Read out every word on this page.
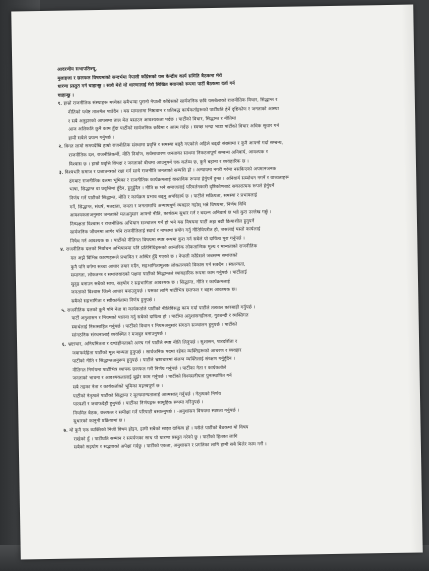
आदरणीय सभापतिज्यू,
मुलाहजा र छलफल विषयमाको सन्दर्भमा नेपाली काँग्रेसको यस केन्द्रीय कार्य समिति बैठकमा मेरो
धारणा प्रस्तुत गर्न चाहान्छु । साथै मेरो यो धारणालाई मेरो लिखित बयानको रूपमा पार्टी बैठकमा दर्ता गर्न
चाहान्छु ।
१. हाम्रो राजनीतिक संस्थाहरू मध्येका सबैभन्दा पुरानो नेपाली काँग्रेसको सार्वजनिक छवि यसबेलाको राजनीतिक विचार, सिद्धान्त र
नीतिको यथेष्ट तालमेल पाउँदैन । यस मामलामा निष्ठावान र प्रतिबद्ध कार्यकर्ताहरूको पार्टीप्रति हेर्ने दृष्टिकोण र जनताको आस्था
र सबै अनुहारको आपसमा ताल मेल बसाउन आवश्यकता पर्दछ । पार्टीको विचार, सिद्धान्त र नीतिमा
आज अलिकति कुनै काम हुँदा पार्टीको सार्वजनिक छविमा र आत्म गर्दछ । स्वच्छ भन्दा भाडा पार्टीको विचार अधिक सुधार गर्न
हामी सबैले प्रयत्न गर्नुपर्छ ।
२. विगत लामो समयदेखि हाम्रो राजनीतिक संस्थामा प्रवृत्ति र समस्या बढ्दै गएकोले अहिले बढ्दो संख्यामा र कुनै आफ्नो गर्दा सम्बन्ध,
राजनीतिक दल, राजनीतिकर्मी, नीति निर्माण, सर्वसाधारण जनताका साथमा निकटतापूर्ण सम्बन्ध अनिवार्य, आवश्यक र
विश्वास छ । हाम्रो प्रवृत्ति विपदा र जनताको बीचमा आउनुपर्ने एक कर्तव्य छ, कुनै बहाना र व्यवहारिक छ ।
३. विश्वभरि समाज र प्रजातन्त्रको रक्षा गर्न साथै राजनीति जनताको सम्पत्ति हो । अन्यायमा नगरी गरेमा नसकिएको अपमानजनक
ढंगबाट राजनीतिक दलमा भूमिका र राजनीतिक कार्यक्रमलाई वास्तविक रूपमा हेर्नुपर्ने हुन्छ । अनिवार्य सम्बोधन नगर्ने र वाध्यताहरू
भाषा, सिद्धान्त वा प्रवृत्तिमा हुँदैन, हुनुहुँदैन । नीति छ भने समाजलाई परिवर्तनकारी दृष्टिकोणबाट सकारात्मक रूपले हेर्नुपर्ने
निर्णय गर्ने पाटीको सिद्धान्त, नीति र कार्यक्रम प्रभाव बढ्नु अपरिहार्य छ । पार्टीले सक्रियता, समस्या र प्रभावलाई
गर्ने, सिद्धान्त, संघर्ष, मतदाता, जनता र जनतामाथि अन्यायपूर्ण व्यवहार नहोस् भन्ने विषयमा, निर्णय विधि
आवश्यकताअनुसार जनताको मतअनुसार आफ्नो नीति, कार्यक्रम सुधार गर्न र बदल्न अनिवार्य छ भन्ने कुरा उल्लेख गर्छु ।
निष्पक्षता विश्वास र राजनीतिक अभियान सञ्चालन गर्ने हो भने यस विषयमा पार्टी अझ बढी क्रियाशील हुनुपर्ने
सार्वजनिक जीवनमा लागेर पनि राजनीतिलाई स्वार्थ र नाफामा प्रयोग गर्नु नीतिविपरीत हो, जसलाई यस्तो कार्यलाई
निषेध गर्न आवश्यक छ । पार्टीको नीतिगत विषयमा स्पष्ट रूपमा कुरा गर्न सबैले यो दायित्व पूरा गर्नुपर्छ ।
४. राजनीतिक दलको निर्वाचन अभियानमा पनि प्रतिनिधिहरूको आन्तरिक लोकतान्त्रिक मूल्य र मान्यताको राजनीतिक
दल अझै विभिन्न कारणहरूले प्रभावित र अस्थिर हुँदै गएको छ । नेपाली काँग्रेसले जबसम्म समाजको
कुनै पनि वर्गमा सच्चा आधार तयार गर्दैन, सहभागितामूलक लोकतन्त्रको विकास गर्न सक्दैन । स्वतन्त्रता,
समानता, लोकतन्त्र र समाजवादको पक्षमा पार्टीको सिद्धान्तले व्यावहारिक रूपमा काम गर्नुपर्छ । पार्टीलाई
सुदृढ बनाउन सबैको साथ, सहयोग र सहभागिता आवश्यक छ । सिद्धान्त, नीति र कार्यक्रमलाई
जनताको विश्वास जित्ने आधार बनाउनुपर्छ । यसका लागि पार्टीभित्र छलफल र बहस आवश्यक छ।
सबैको सहभागिता र स्वीकार्यतामा निर्णय हुनुपर्छ ।
५. राजनीतिक दलको कुनै पनि नेता वा कार्यकर्ताले पार्टीको नीतिविरुद्ध काम गर्दा पार्टीले तत्काल कारबाही गर्नुपर्छ ।
पार्टी अनुशासन र नियमको पालना गर्नु सबैको दायित्व हो । पार्टीमा अनुशासनहीनता, गुटबन्दी र व्यक्तिगत
स्वार्थलाई निरुत्साहित गर्नुपर्छ । पार्टीको विधान र नियमअनुसार संगठन सञ्चालन हुनुपर्छ । पार्टीको
सांगठनिक संरचनालाई व्यवस्थित र मजबुत बनाउनुपर्छ ।
६. भ्रष्टाचार, अनियमितता र दण्डहीनताको अन्त्य गर्न पार्टीले स्पष्ट नीति लिनुपर्छ । सुशासन, पारदर्शिता र
जवाफदेहिता पार्टीको मूल मान्यता हुनुपर्छ । सार्वजनिक पदमा रहेका व्यक्तिहरूको आचरण र व्यवहार
पार्टीको नीति र सिद्धान्तअनुरूप हुनुपर्छ । पार्टीले भ्रष्टाचारमा संलग्न व्यक्तिलाई संरक्षण गर्नुहुँदैन ।
नीतिगत निर्णयमा पार्टीभित्र व्यापक छलफल गरी निर्णय गर्नुपर्छ । पार्टीका नेता र कार्यकर्ताले
जनताको भावना र आवश्यकतालाई बुझेर काम गर्नुपर्छ । पार्टीको विश्वसनीयता पुनःस्थापित गर्न
सबै तहका नेता र कार्यकर्ताको भूमिका महत्त्वपूर्ण छ ।
पार्टीको नेतृत्वले पार्टीको सिद्धान्त र मूल्यमान्यतालाई आत्मसात् गर्नुपर्छ । नेतृत्वको निर्णय
पारदर्शी र जवाफदेही हुनुपर्छ । पार्टीका निर्णयहरू सामूहिक रूपमा गरिनुपर्छ ।
नियमित बैठक, छलफल र समीक्षा गर्ने परिपाटी बसाल्नुपर्छ । -अनुशासन विषयमा स्पष्टता गर्नुपर्छ ।
सुधारको कानुनी प्रक्रियामा छ ।
७. यो कुनै एक व्यक्तिको निजी विषय होइन, हामी सबैको साझा दायित्व हो । यसैले पार्टीको बैठकमा यो विषय
राखेको हुँ । पार्टीप्रति सम्मान र समर्पणका साथ यो धारणा प्रस्तुत गरेको छु । पार्टीको हितका लागि
सबैको सहयोग र सद्भावको अपेक्षा गर्दछु । पार्टीको एकता, अनुशासन र प्रगतिका लागि हामी सबै मिलेर काम गरौं ।
